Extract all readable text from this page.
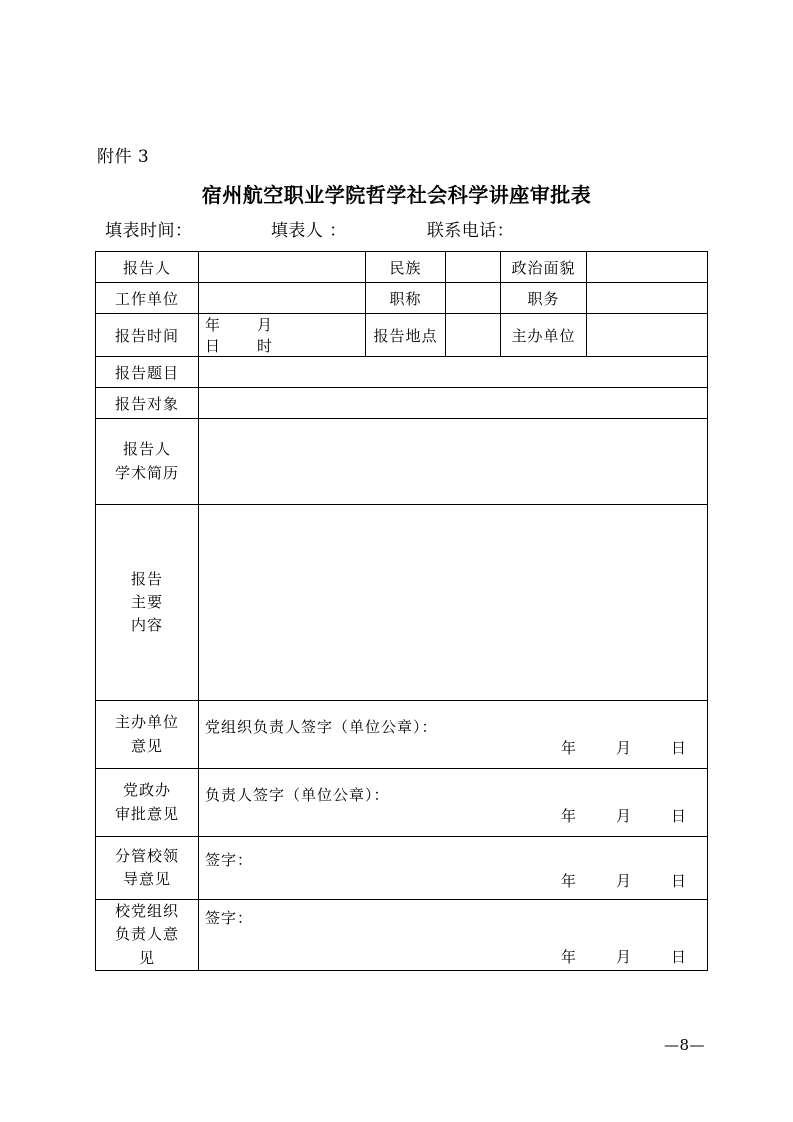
附件 3
宿州航空职业学院哲学社会科学讲座审批表
填表时间：	填表人 ：	联系电话：
报告人		民族		政治面貌	
工作单位		职称		职务	
报告时间	年 月日 时	报告地点		主办单位	
报告题目					
报告对象					

报告人
学术简历					

报告
主要
内容					

主办单位
意见

党组织负责人签字（单位公章）：
年	月	日

党政办
审批意见

负责人签字（单位公章）：
年	月	日

分管校领
导意见

签字：
年	月	日

校党组织
负责人意
见

签字：
年	月	日
—8—
